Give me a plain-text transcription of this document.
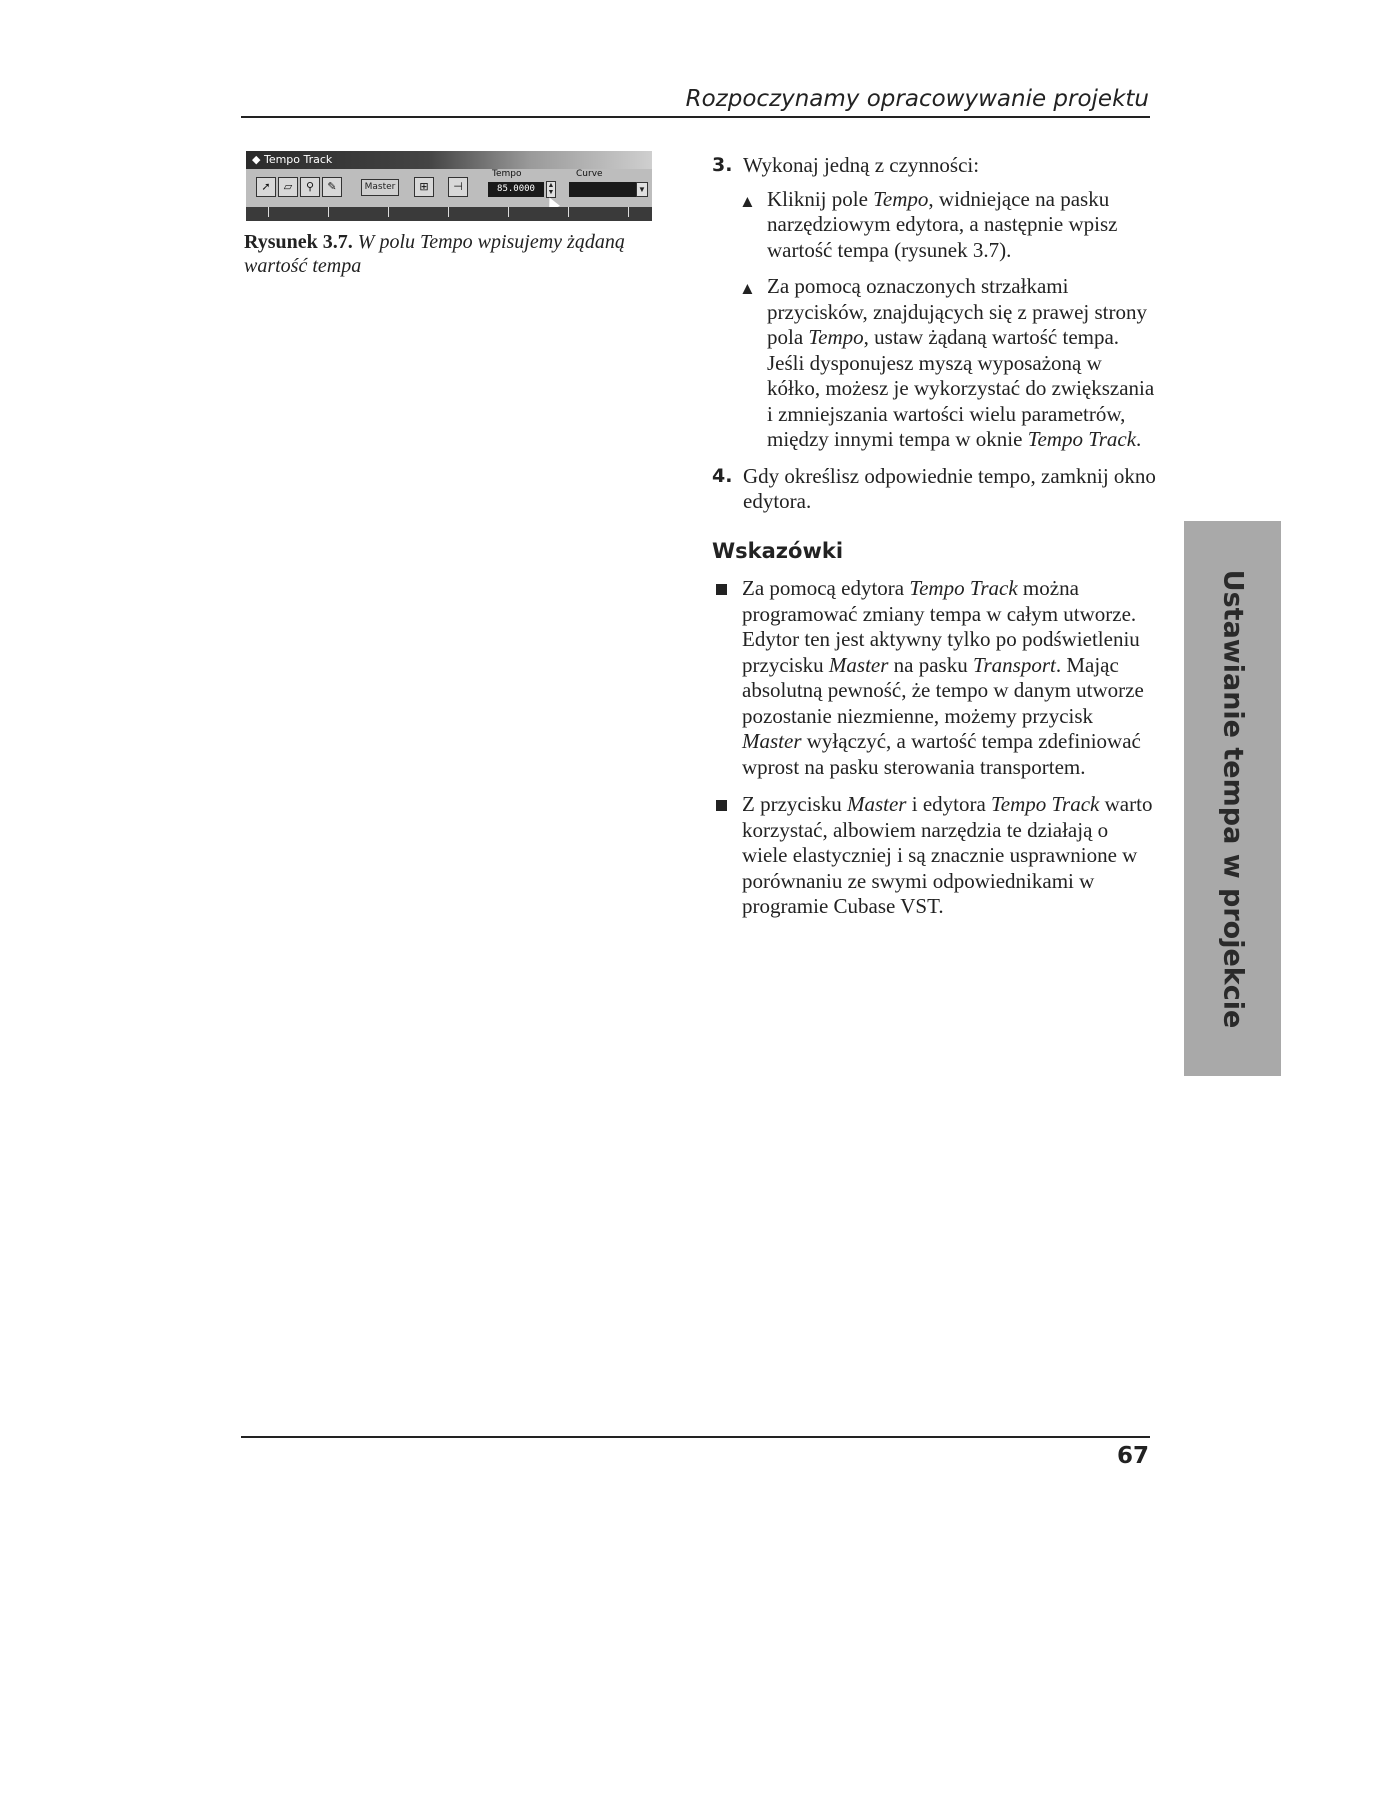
Rozpoczynamy opracowywanie projektu
◆ Tempo Track
➚	▱	⚲	✎	Master	⊞	⊣
Tempo
85.0000	▲
▼
Curve
▼
Rysunek 3.7. W polu Tempo wpisujemy żądaną wartość tempa
3. Wykonaj jedną z czynności:
▲ Kliknij pole Tempo, widniejące na pasku narzędziowym edytora, a następnie wpisz wartość tempa (rysunek 3.7).
▲ Za pomocą oznaczonych strzałkami przycisków, znajdujących się z prawej strony pola Tempo, ustaw żądaną wartość tempa. Jeśli dysponujesz myszą wyposażoną w kółko, możesz je wykorzystać do zwiększania i zmniejszania wartości wielu parametrów, między innymi tempa w oknie Tempo Track.
4. Gdy określisz odpowiednie tempo, zamknij okno edytora.
Wskazówki
Za pomocą edytora Tempo Track można programować zmiany tempa w całym utworze. Edytor ten jest aktywny tylko po podświetleniu przycisku Master na pasku Transport. Mając absolutną pewność, że tempo w danym utworze pozostanie niezmienne, możemy przycisk Master wyłączyć, a wartość tempa zdefiniować wprost na pasku sterowania transportem.
Z przycisku Master i edytora Tempo Track warto korzystać, albowiem narzędzia te działają o wiele elastyczniej i są znacznie usprawnione w porównaniu ze swymi odpowiednikami w programie Cubase VST.	Ustawianie tempa w projekcie
67
